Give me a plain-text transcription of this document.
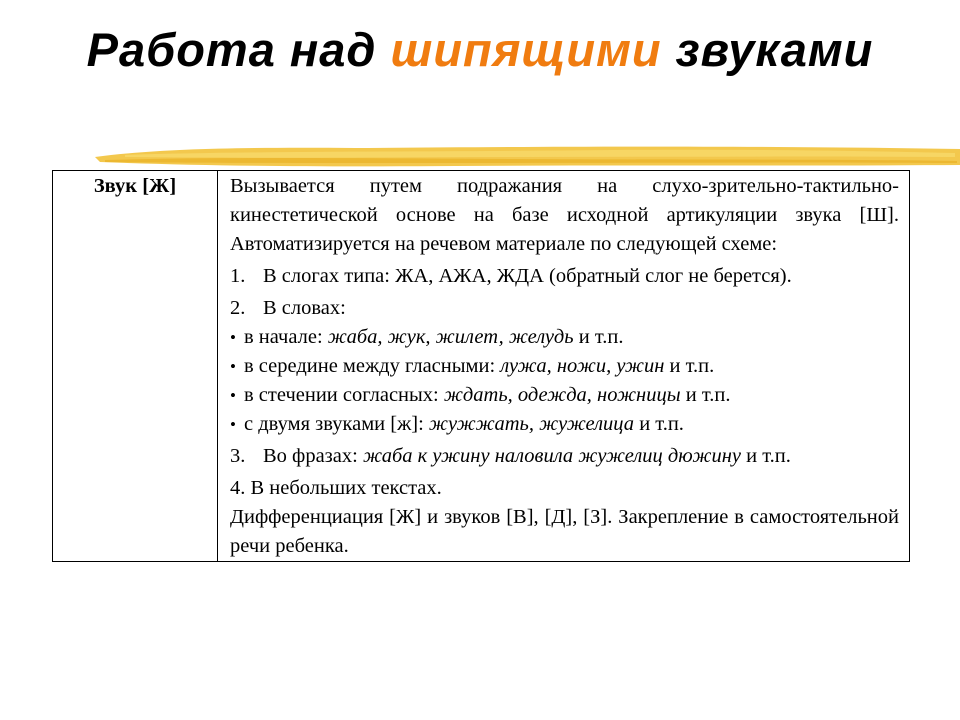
Работа над шипящими звуками
Звук [Ж]	Вызывается путем подражания на слухо-зрительно-тактильно-кинестетической основе на базе исходной артикуляции звука [Ш]. Автоматизируется на речевом материале по следующей схеме:

1. В слогах типа: ЖА, АЖА, ЖДА (обратный слог не берется).

2. В словах:

• в начале: жаба, жук, жилет, желудь и т.п.

• в середине между гласными: лужа, ножи, ужин и т.п.

• в стечении согласных: ждать, одежда, ножницы и т.п.

• с двумя звуками [ж]: жужжать, жужелица и т.п.

3. Во фразах: жаба к ужину наловила жужелиц дюжину и т.п.

4. В небольших текстах.

Дифференциация [Ж] и звуков [В], [Д], [З]. Закрепление в самостоятельной речи ребенка.
